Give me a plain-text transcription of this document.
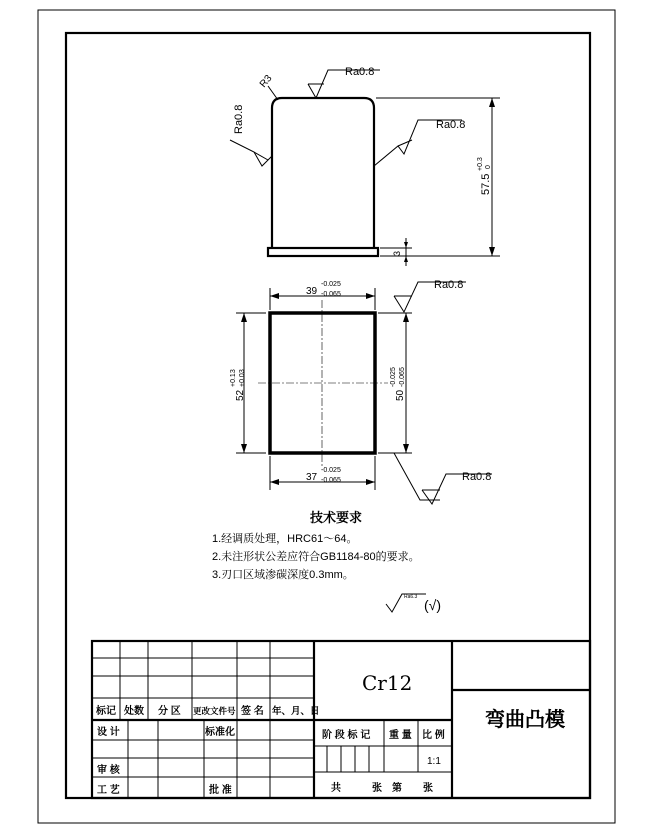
R3
Ra0.8
Ra0.8	Ra0.8
57.5
+0.3 0
3
39
-0.025
-0.065
52
+0.13 +0.03
50
-0.025 -0.065
37
-0.025
-0.065
Ra0.8
Ra0.8
技术要求
1.经调质处理，HRC61～64。
2.未注形状公差应符合GB1184-80的要求。
3.刃口区域渗碳深度0.3mm。
Ra6.3 (√)
标记 处数 分 区 更改文件号 签 名 年、月、日
设 计	标准化
审 核
工 艺	批 准
Cr12
弯曲凸模
阶 段 标 记 重 量 比 例
1:1
共	张 第 张
